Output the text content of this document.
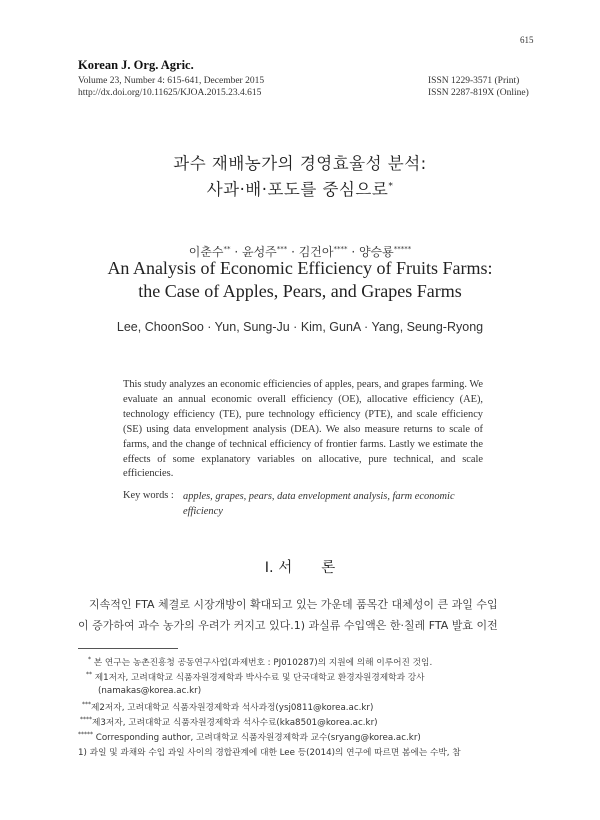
615
Korean J. Org. Agric.
Volume 23, Number 4: 615-641, December 2015
http://dx.doi.org/10.11625/KJOA.2015.23.4.615
ISSN 1229-3571 (Print)
ISSN 2287-819X (Online)
과수 재배농가의 경영효율성 분석:
사과·배·포도를 중심으로*
이춘수** · 윤성주*** · 김건아**** · 양승룡*****
An Analysis of Economic Efficiency of Fruits Farms:
the Case of Apples, Pears, and Grapes Farms
Lee, ChoonSoo · Yun, Sung-Ju · Kim, GunA · Yang, Seung-Ryong
This study analyzes an economic efficiencies of apples, pears, and grapes farming. We evaluate an annual economic overall efficiency (OE), allocative efficiency (AE), technology efficiency (TE), pure technology efficiency (PTE), and scale efficiency (SE) using data envelopment analysis (DEA). We also measure returns to scale of farms, and the change of technical efficiency of frontier farms. Lastly we estimate the effects of some explanatory variables on allocative, pure technical, and scale efficiencies.
Key words : apples, grapes, pears, data envelopment analysis, farm economic efficiency
Ⅰ. 서　　론
지속적인 FTA 체결로 시장개방이 확대되고 있는 가운데 품목간 대체성이 큰 과일 수입
이 증가하여 과수 농가의 우려가 커지고 있다.1) 과실류 수입액은 한·칠레 FTA 발효 이전
* 본 연구는 농촌진흥청 공동연구사업(과제번호 : PJ010287)의 지원에 의해 이루어진 것임.
** 제1저자, 고려대학교 식품자원경제학과 박사수료 및 단국대학교 환경자원경제학과 강사
(namakas@korea.ac.kr)
***제2저자, 고려대학교 식품자원경제학과 석사과정(ysj0811@korea.ac.kr)
****제3저자, 고려대학교 식품자원경제학과 석사수료(kka8501@korea.ac.kr)
***** Corresponding author, 고려대학교 식품자원경제학과 교수(sryang@korea.ac.kr)
1) 과일 및 과채와 수입 과일 사이의 경합관계에 대한 Lee 등(2014)의 연구에 따르면 봄에는 수박, 참
